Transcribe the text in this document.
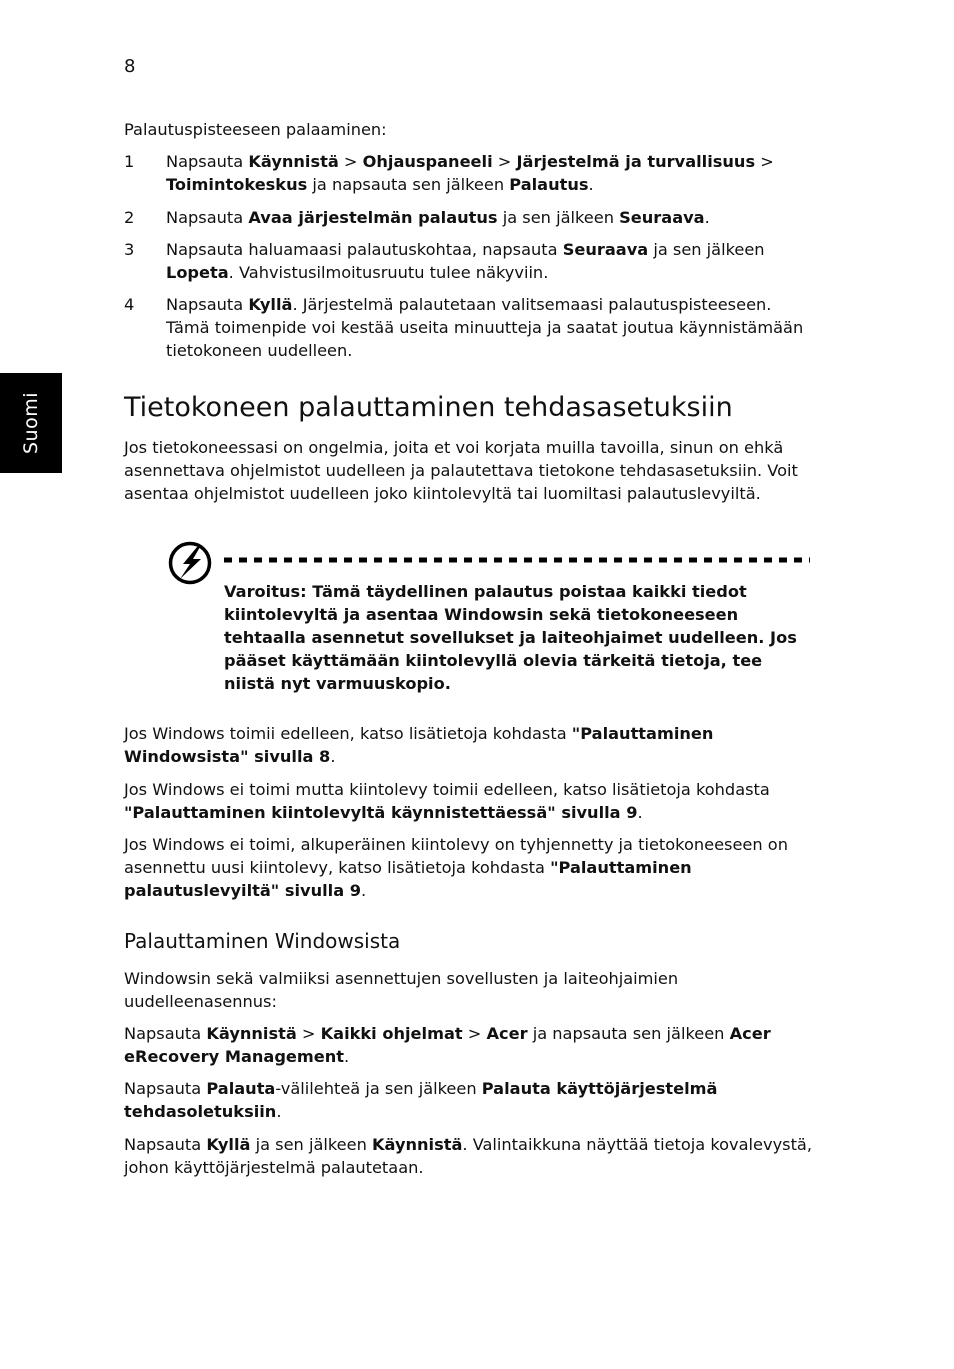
8
Suomi

Palautuspisteeseen palaaminen:

1 Napsauta Käynnistä > Ohjauspaneeli > Järjestelmä ja turvallisuus > Toimintokeskus ja napsauta sen jälkeen Palautus.
2 Napsauta Avaa järjestelmän palautus ja sen jälkeen Seuraava.
3 Napsauta haluamaasi palautuskohtaa, napsauta Seuraava ja sen jälkeen Lopeta. Vahvistusilmoitusruutu tulee näkyviin.
4 Napsauta Kyllä. Järjestelmä palautetaan valitsemaasi palautuspisteeseen. Tämä toimenpide voi kestää useita minuutteja ja saatat joutua käynnistämään tietokoneen uudelleen.
Tietokoneen palauttaminen tehdasasetuksiin

Jos tietokoneessasi on ongelmia, joita et voi korjata muilla tavoilla, sinun on ehkä asennettava ohjelmistot uudelleen ja palautettava tietokone tehdasasetuksiin. Voit asentaa ohjelmistot uudelleen joko kiintolevyltä tai luomiltasi palautuslevyiltä.

Varoitus: Tämä täydellinen palautus poistaa kaikki tiedot kiintolevyltä ja asentaa Windowsin sekä tietokoneeseen tehtaalla asennetut sovellukset ja laiteohjaimet uudelleen. Jos pääset käyttämään kiintolevyllä olevia tärkeitä tietoja, tee niistä nyt varmuuskopio.

Jos Windows toimii edelleen, katso lisätietoja kohdasta "Palauttaminen Windowsista" sivulla 8.

Jos Windows ei toimi mutta kiintolevy toimii edelleen, katso lisätietoja kohdasta "Palauttaminen kiintolevyltä käynnistettäessä" sivulla 9.

Jos Windows ei toimi, alkuperäinen kiintolevy on tyhjennetty ja tietokoneeseen on asennettu uusi kiintolevy, katso lisätietoja kohdasta "Palauttaminen palautuslevyiltä" sivulla 9.

Palauttaminen Windowsista

Windowsin sekä valmiiksi asennettujen sovellusten ja laiteohjaimien uudelleenasennus:

Napsauta Käynnistä > Kaikki ohjelmat > Acer ja napsauta sen jälkeen Acer eRecovery Management.

Napsauta Palauta-välilehteä ja sen jälkeen Palauta käyttöjärjestelmä tehdasoletuksiin.

Napsauta Kyllä ja sen jälkeen Käynnistä. Valintaikkuna näyttää tietoja kovalevystä, johon käyttöjärjestelmä palautetaan.
